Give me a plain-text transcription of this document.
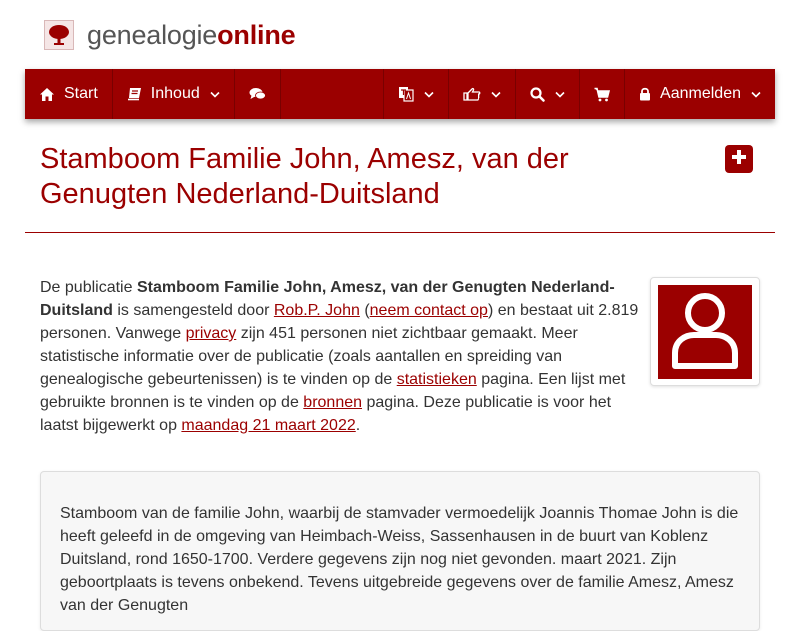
genealogieonline
Start	Inhoud	Aanmelden
Stamboom Familie John, Amesz, van der Genugten Nederland-Duitsland

De publicatie Stamboom Familie John, Amesz, van der Genugten Nederland-Duitsland is samengesteld door Rob.P. John (neem contact op) en bestaat uit 2.819 personen. Vanwege privacy zijn 451 personen niet zichtbaar gemaakt. Meer statistische informatie over de publicatie (zoals aantallen en spreiding van genealogische gebeurtenissen) is te vinden op de statistieken pagina. Een lijst met gebruikte bronnen is te vinden op de bronnen pagina. Deze publicatie is voor het laatst bijgewerkt op maandag 21 maart 2022.

Stamboom van de familie John, waarbij de stamvader vermoedelijk Joannis Thomae John is die heeft geleefd in de omgeving van Heimbach-Weiss, Sassenhausen in de buurt van Koblenz Duitsland, rond 1650-1700. Verdere gegevens zijn nog niet gevonden. maart 2021. Zijn geboortplaats is tevens onbekend. Tevens uitgebreide gegevens over de familie Amesz, Amesz van der Genugten
